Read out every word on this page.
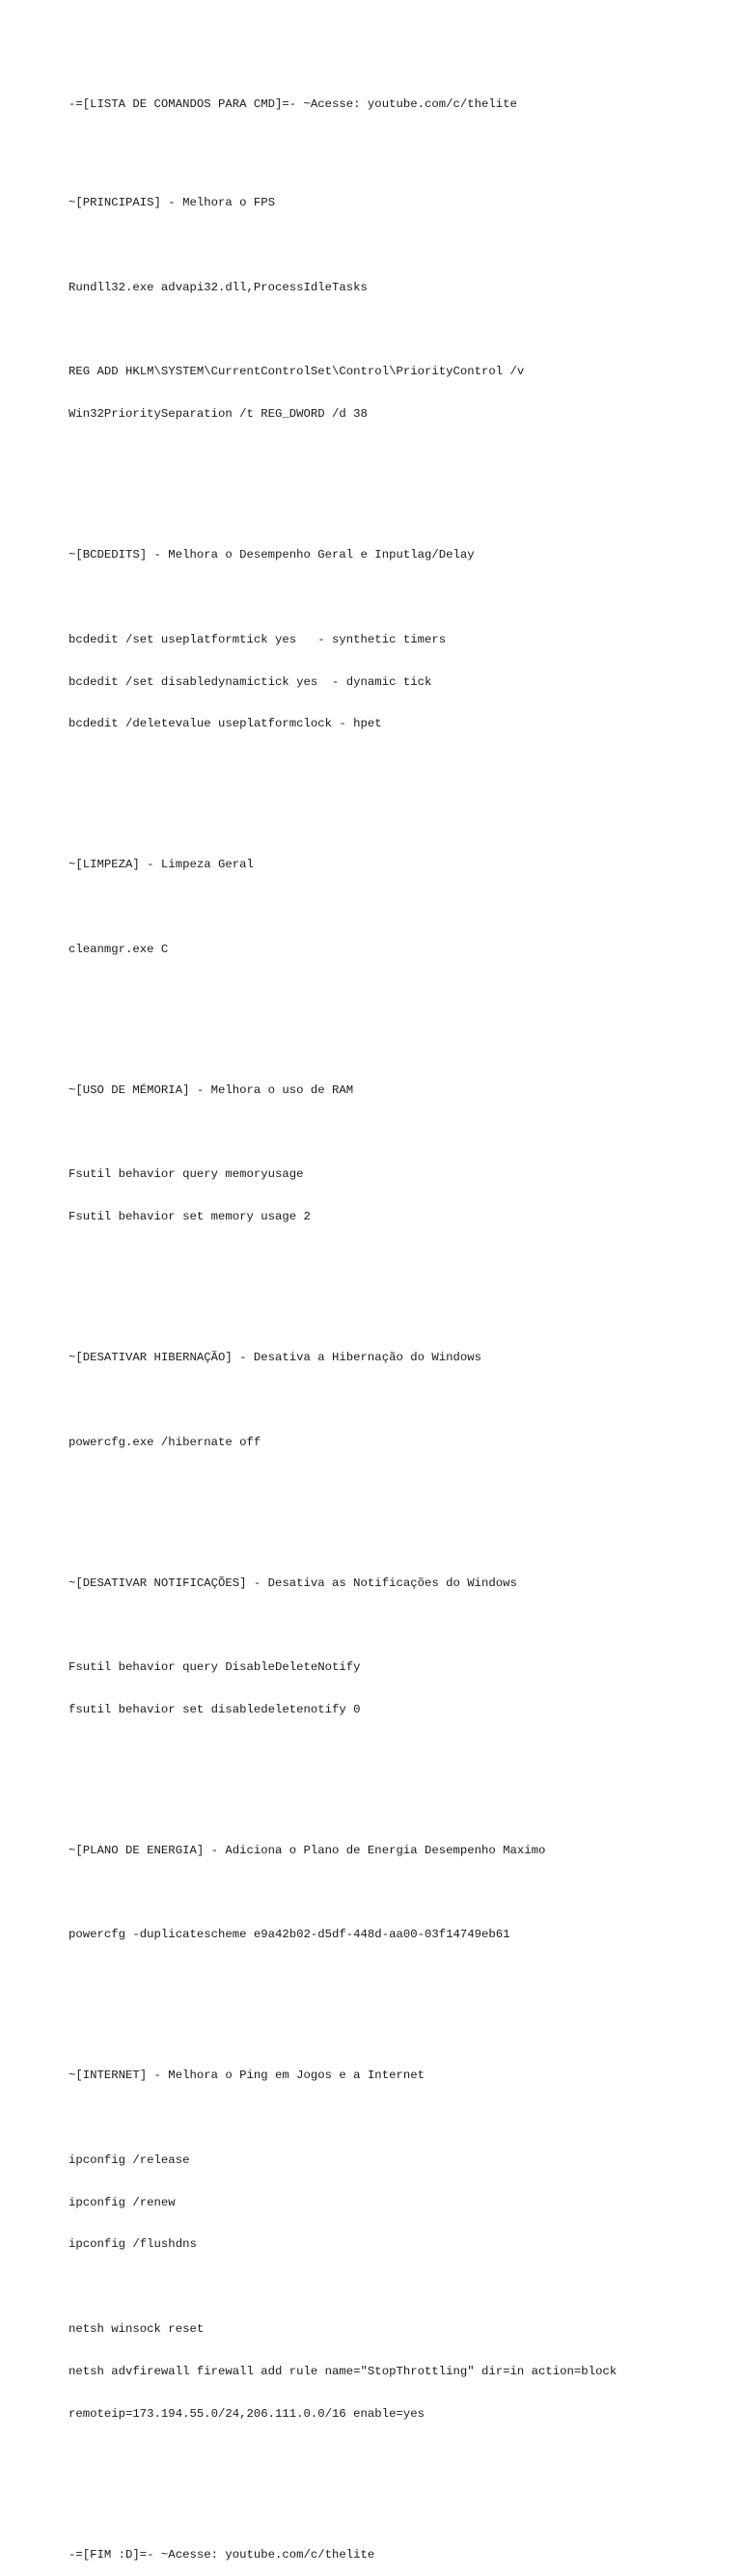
-=[LISTA DE COMANDOS PARA CMD]=- ~Acesse: youtube.com/c/thelite

~[PRINCIPAIS] - Melhora o FPS

Rundll32.exe advapi32.dll,ProcessIdleTasks

REG ADD HKLM\SYSTEM\CurrentControlSet\Control\PriorityControl /v

Win32PrioritySeparation /t REG_DWORD /d 38

~[BCDEDITS] - Melhora o Desempenho Geral e Inputlag/Delay

bcdedit /set useplatformtick yes   - synthetic timers

bcdedit /set disabledynamictick yes  - dynamic tick

bcdedit /deletevalue useplatformclock - hpet

~[LIMPEZA] - Limpeza Geral

cleanmgr.exe C

~[USO DE MÉMORIA] - Melhora o uso de RAM

Fsutil behavior query memoryusage

Fsutil behavior set memory usage 2

~[DESATIVAR HIBERNAÇÃO] - Desativa a Hibernação do Windows

powercfg.exe /hibernate off

~[DESATIVAR NOTIFICAÇÕES] - Desativa as Notificações do Windows

Fsutil behavior query DisableDeleteNotify

fsutil behavior set disabledeletenotify 0

~[PLANO DE ENERGIA] - Adiciona o Plano de Energia Desempenho Maximo

powercfg -duplicatescheme e9a42b02-d5df-448d-aa00-03f14749eb61

~[INTERNET] - Melhora o Ping em Jogos e a Internet

ipconfig /release

ipconfig /renew

ipconfig /flushdns

netsh winsock reset

netsh advfirewall firewall add rule name="StopThrottling" dir=in action=block

remoteip=173.194.55.0/24,206.111.0.0/16 enable=yes

-=[FIM :D]=- ~Acesse: youtube.com/c/thelite
